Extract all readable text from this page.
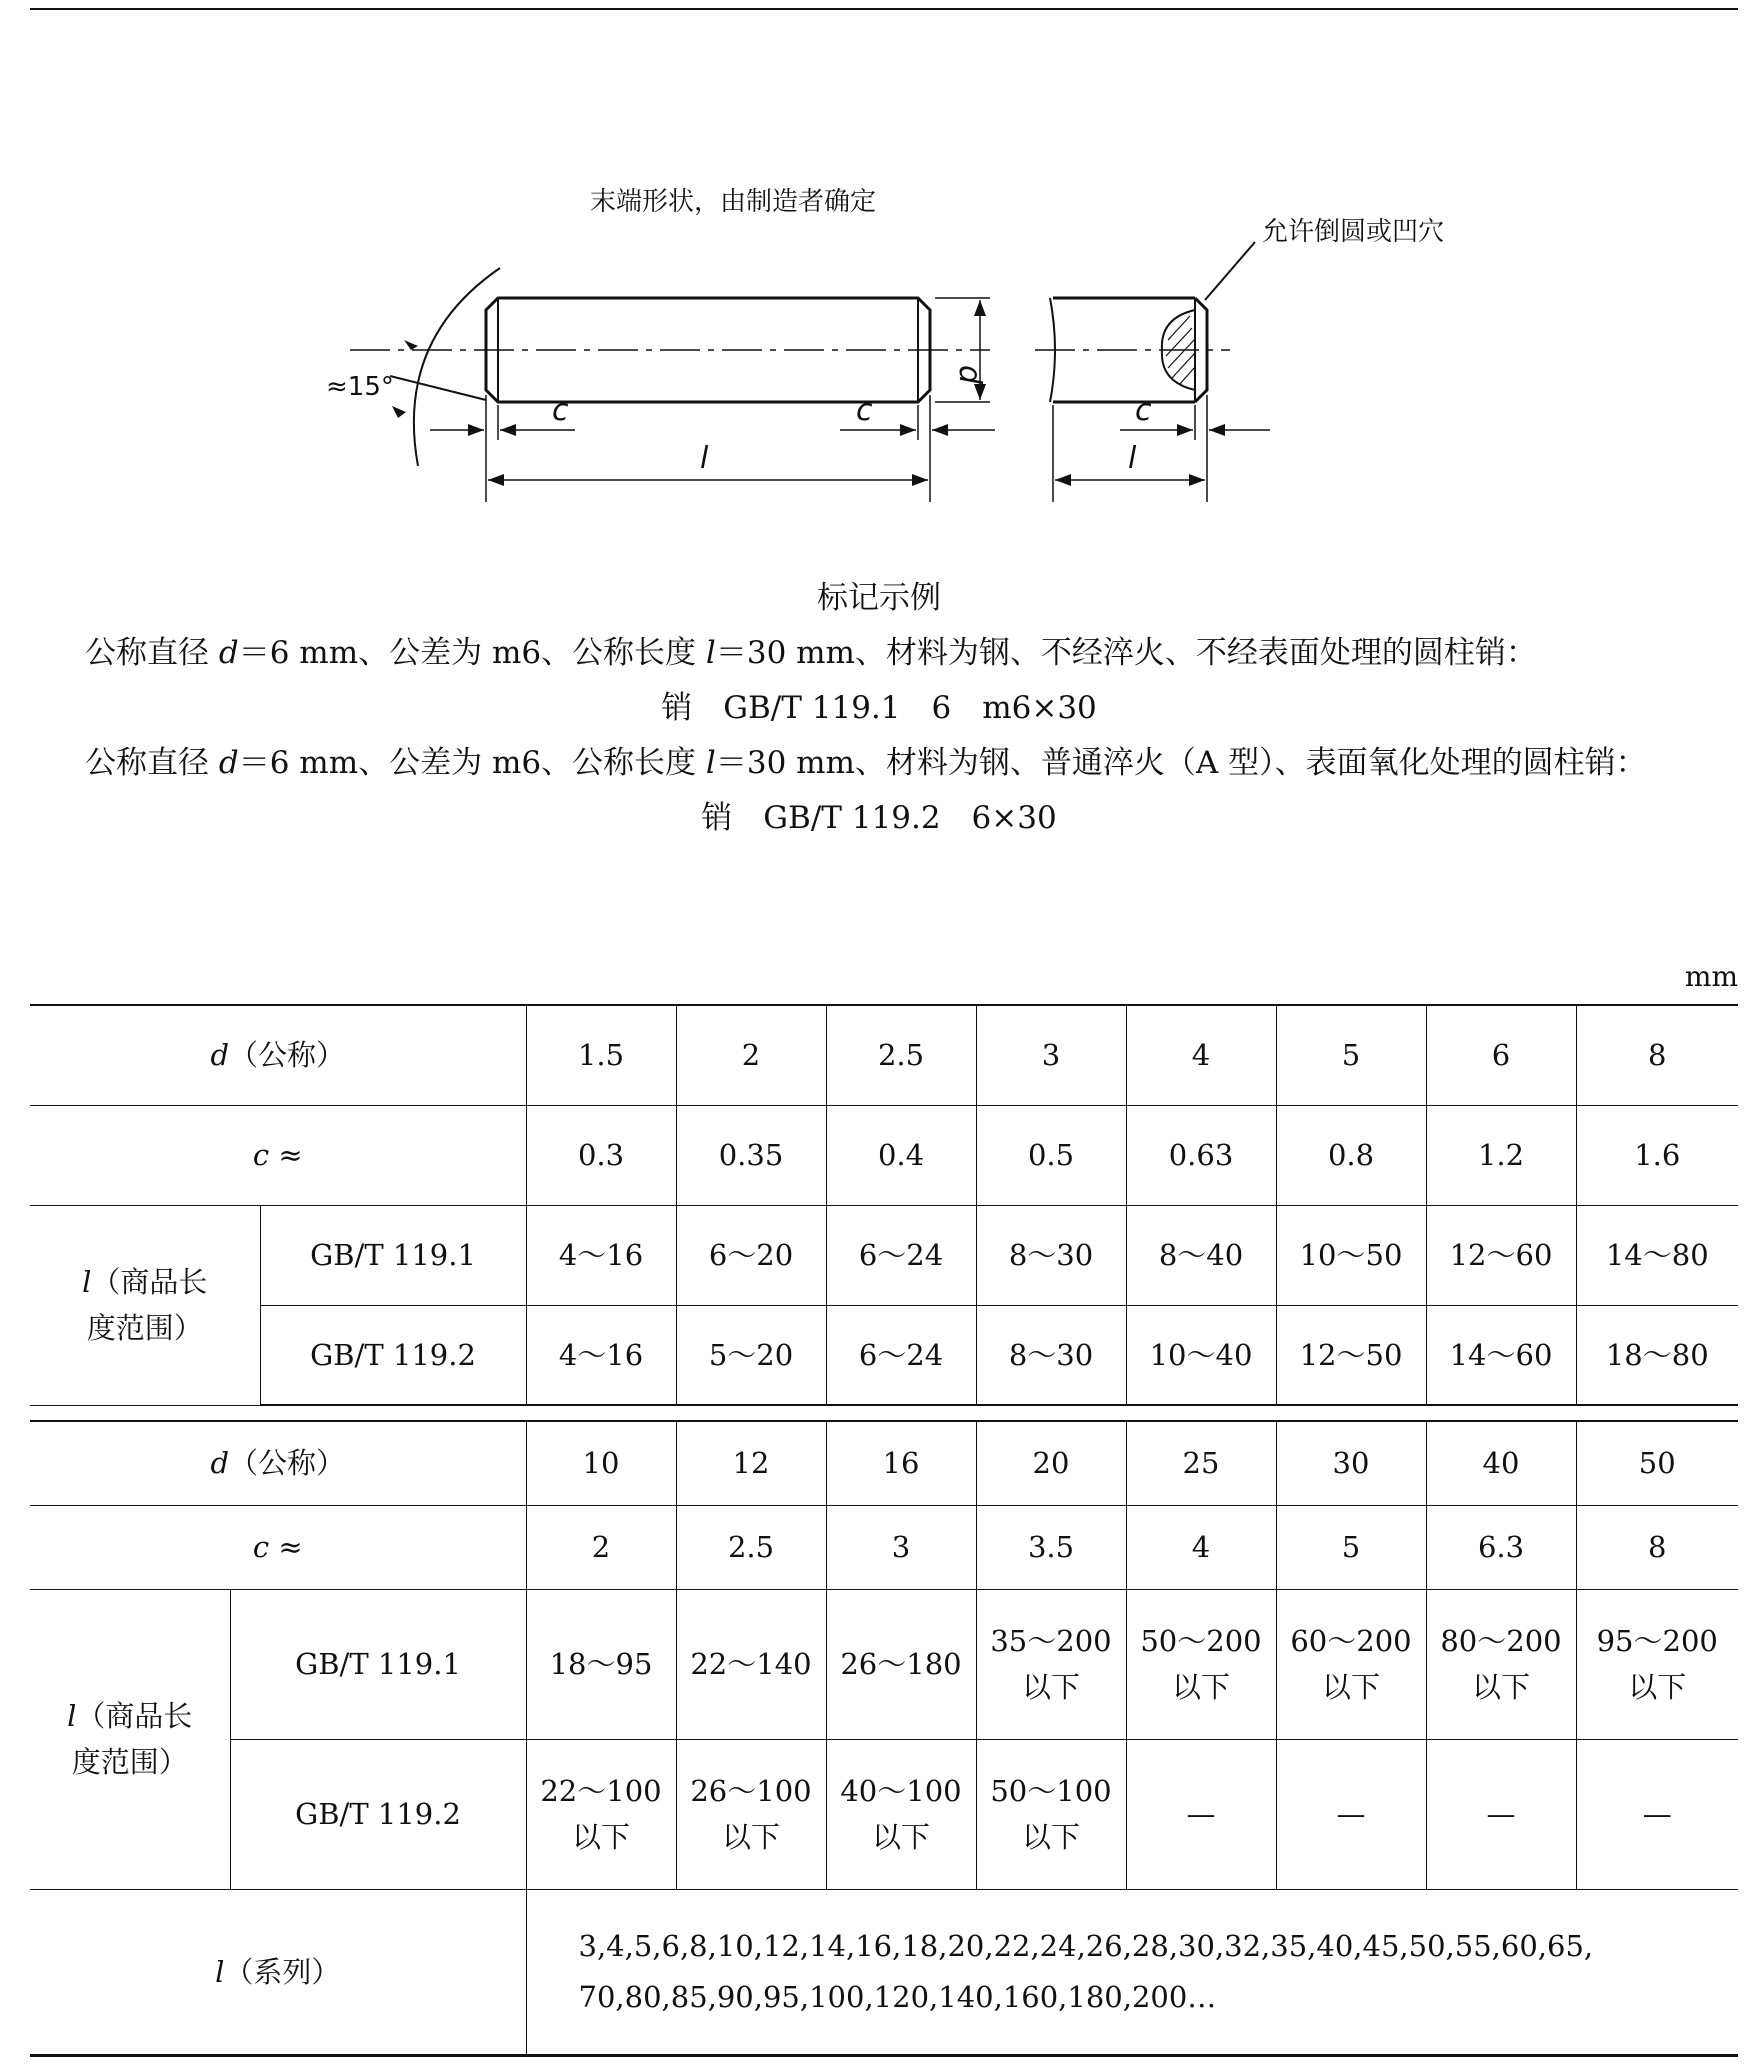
≈15°
末端形状，由制造者确定
d
c	c
l
允许倒圆或凹穴
c
l
标记示例
公称直径 d＝6 mm、公差为 m6、公称长度 l＝30 mm、材料为钢、不经淬火、不经表面处理的圆柱销：
销　GB/T 119.1　6　m6×30
公称直径 d＝6 mm、公差为 m6、公称长度 l＝30 mm、材料为钢、普通淬火（A 型）、表面氧化处理的圆柱销：
销　GB/T 119.2　6×30
mm
d（公称）		1.5	2	2.5	3	4	5	6	8
c ≈		0.3	0.35	0.4	0.5	0.63	0.8	1.2	1.6
l（商品长
度范围）	GB/T 119.1	4～16	6～20	6～24	8～30	8～40	10～50	12～60	14～80
	GB/T 119.2	4～16	5～20	6～24	8～30	10～40	12～50	14～60	18～80
d（公称）		10	12	16	20	25	30	40	50
c ≈		2	2.5	3	3.5	4	5	6.3	8
l（商品长
度范围）	GB/T 119.1	18～95	22～140	26～180	35～200
以下	50～200
以下	60～200
以下	80～200
以下	95～200
以下
	GB/T 119.2	22～100
以下	26～100
以下	40～100
以下	50～100
以下	—	—	—	—
l（系列）		3,4,5,6,8,10,12,14,16,18,20,22,24,26,28,30,32,35,40,45,50,55,60,65,
70,80,85,90,95,100,120,140,160,180,200…							
